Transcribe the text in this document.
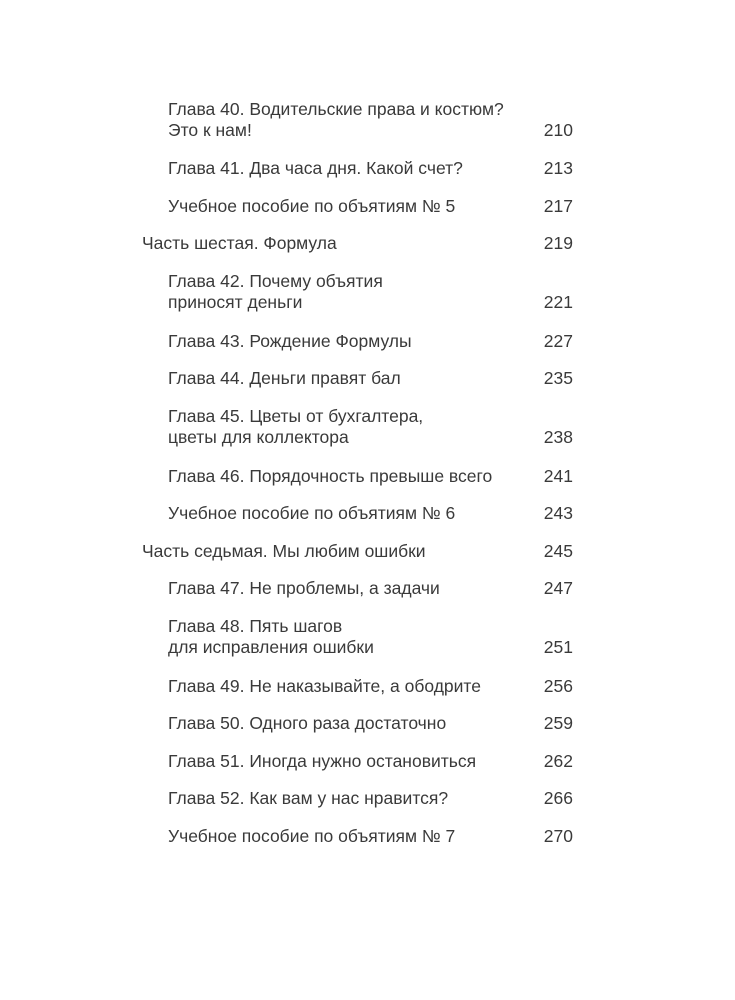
Глава 40. Водительские права и костюм?
Это к нам!	210
Глава 41. Два часа дня. Какой счет?	213
Учебное пособие по объятиям № 5	217
Часть шестая. Формула	219
Глава 42. Почему объятия
приносят деньги	221
Глава 43. Рождение Формулы	227
Глава 44. Деньги правят бал	235
Глава 45. Цветы от бухгалтера,
цветы для коллектора	238
Глава 46. Порядочность превыше всего	241
Учебное пособие по объятиям № 6	243
Часть седьмая. Мы любим ошибки	245
Глава 47. Не проблемы, а задачи	247
Глава 48. Пять шагов
для исправления ошибки	251
Глава 49. Не наказывайте, а ободрите	256
Глава 50. Одного раза достаточно	259
Глава 51. Иногда нужно остановиться	262
Глава 52. Как вам у нас нравится?	266
Учебное пособие по объятиям № 7	270
